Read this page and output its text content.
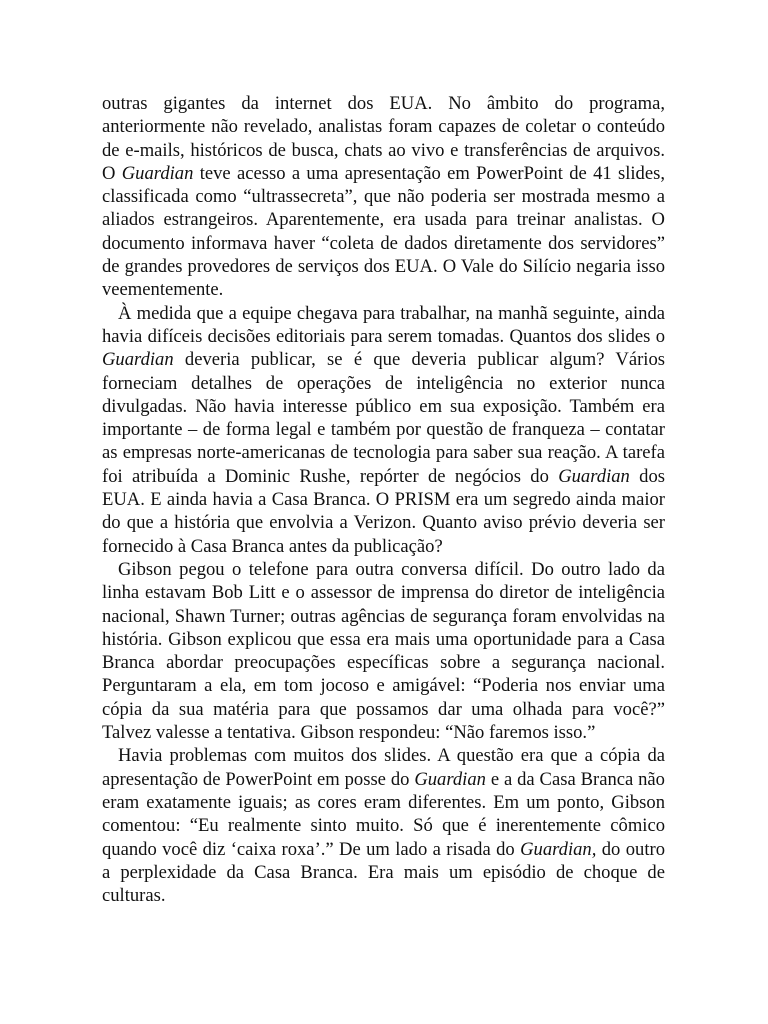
outras gigantes da internet dos EUA. No âmbito do programa, anteriormente não revelado, analistas foram capazes de coletar o conteúdo de e-mails, históricos de busca, chats ao vivo e transferências de arquivos. O Guardian teve acesso a uma apresentação em PowerPoint de 41 slides, classificada como “ultrassecreta”, que não poderia ser mostrada mesmo a aliados estrangeiros. Aparentemente, era usada para treinar analistas. O documento informava haver “coleta de dados diretamente dos servidores” de grandes provedores de serviços dos EUA. O Vale do Silício negaria isso veementemente.

À medida que a equipe chegava para trabalhar, na manhã seguinte, ainda havia difíceis decisões editoriais para serem tomadas. Quantos dos slides o Guardian deveria publicar, se é que deveria publicar algum? Vários forneciam detalhes de operações de inteligência no exterior nunca divulgadas. Não havia interesse público em sua exposição. Também era importante – de forma legal e também por questão de franqueza – contatar as empresas norte-americanas de tecnologia para saber sua reação. A tarefa foi atribuída a Dominic Rushe, repórter de negócios do Guardian dos EUA. E ainda havia a Casa Branca. O PRISM era um segredo ainda maior do que a história que envolvia a Verizon. Quanto aviso prévio deveria ser fornecido à Casa Branca antes da publicação?

Gibson pegou o telefone para outra conversa difícil. Do outro lado da linha estavam Bob Litt e o assessor de imprensa do diretor de inteligência nacional, Shawn Turner; outras agências de segurança foram envolvidas na história. Gibson explicou que essa era mais uma oportunidade para a Casa Branca abordar preocupações específicas sobre a segurança nacional. Perguntaram a ela, em tom jocoso e amigável: “Poderia nos enviar uma cópia da sua matéria para que possamos dar uma olhada para você?” Talvez valesse a tentativa. Gibson respondeu: “Não faremos isso.”

Havia problemas com muitos dos slides. A questão era que a cópia da apresentação de PowerPoint em posse do Guardian e a da Casa Branca não eram exatamente iguais; as cores eram diferentes. Em um ponto, Gibson comentou: “Eu realmente sinto muito. Só que é inerentemente cômico quando você diz ‘caixa roxa’.” De um lado a risada do Guardian, do outro a perplexidade da Casa Branca. Era mais um episódio de choque de culturas.
